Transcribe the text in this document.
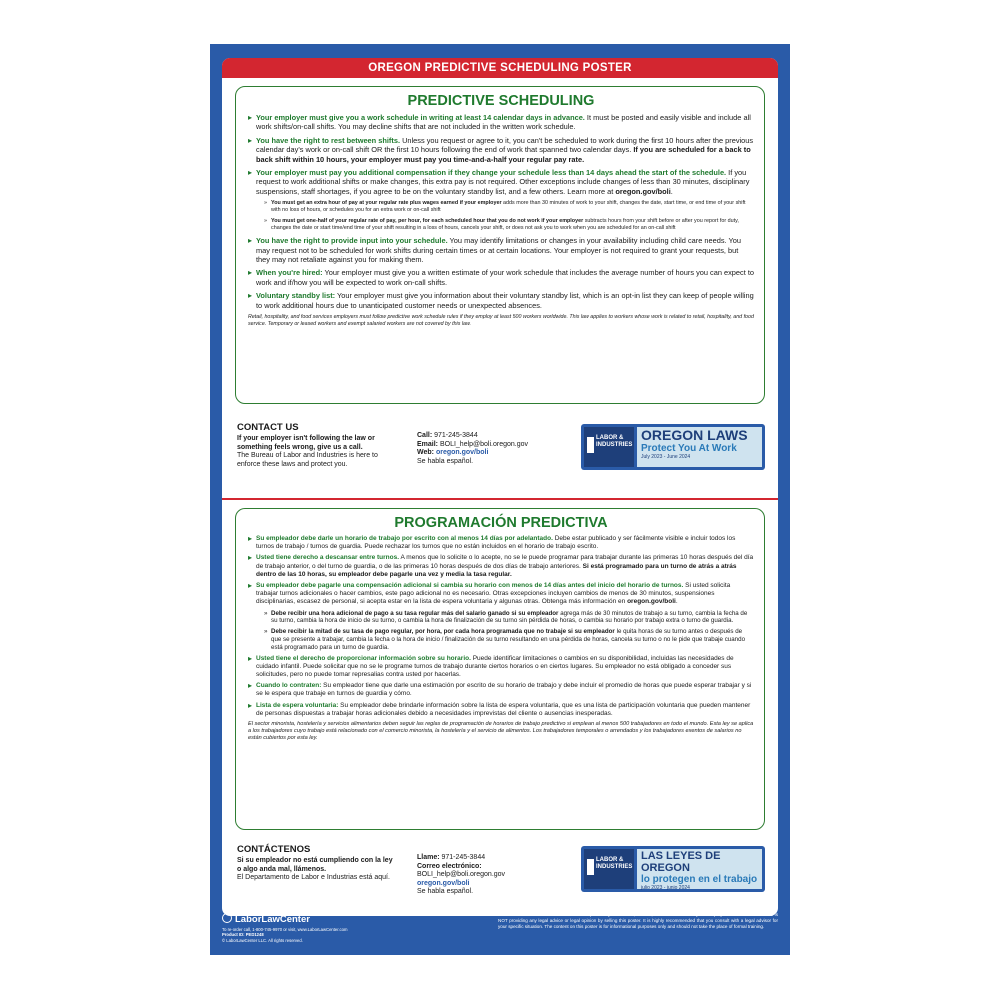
OREGON PREDICTIVE SCHEDULING POSTER
PREDICTIVE SCHEDULING
▸ Your employer must give you a work schedule in writing at least 14 calendar days in advance. It must be posted and easily visible and include all work shifts/on-call shifts. You may decline shifts that are not included in the written work schedule.
▸ You have the right to rest between shifts. Unless you request or agree to it, you can't be scheduled to work during the first 10 hours after the previous calendar day's work or on-call shift OR the first 10 hours following the end of work that spanned two calendar days. If you are scheduled for a back to back shift within 10 hours, your employer must pay you time-and-a-half your regular pay rate.
▸ Your employer must pay you additional compensation if they change your schedule less than 14 days ahead the start of the schedule. If you request to work additional shifts or make changes, this extra pay is not required. Other exceptions include changes of less than 30 minutes, disciplinary suspensions, staff shortages, if you agree to be on the voluntary standby list, and a few others. Learn more at oregon.gov/boli.
» You must get an extra hour of pay at your regular rate plus wages earned if your employer adds more than 30 minutes of work to your shift, changes the date, start time, or end time of your shift with no loss of hours, or schedules you for an extra work or on-call shift
» You must get one-half of your regular rate of pay, per hour, for each scheduled hour that you do not work if your employer subtracts hours from your shift before or after you report for duty, changes the date or start time/end time of your shift resulting in a loss of hours, cancels your shift, or does not ask you to work when you are scheduled for an on-call shift
▸ You have the right to provide input into your schedule. You may identify limitations or changes in your availability including child care needs. You may request not to be scheduled for work shifts during certain times or at certain locations. Your employer is not required to grant your requests, but they may not retaliate against you for making them.
▸ When you're hired: Your employer must give you a written estimate of your work schedule that includes the average number of hours you can expect to work and if/how you will be expected to work on-call shifts.
▸ Voluntary standby list: Your employer must give you information about their voluntary standby list, which is an opt-in list they can keep of people willing to work additional hours due to unanticipated customer needs or unexpected absences.
Retail, hospitality, and food services employers must follow predictive work schedule rules if they employ at least 500 workers worldwide. This law applies to workers whose work is related to retail, hospitality, and food service. Temporary or leased workers and exempt salaried workers are not covered by this law.
CONTACT US
If your employer isn't following the law or something feels wrong, give us a call.
The Bureau of Labor and Industries is here to enforce these laws and protect you.
Call: 971-245-3844
Email: BOLI_help@boli.oregon.gov
Web: oregon.gov/boli
Se habla español.
LABOR & INDUSTRIES
OREGON LAWS
Protect You At Work
July 2023 - June 2024
PROGRAMACIÓN PREDICTIVA
▸ Su empleador debe darle un horario de trabajo por escrito con al menos 14 días por adelantado. Debe estar publicado y ser fácilmente visible e incluir todos los turnos de trabajo / turnos de guardia. Puede rechazar los turnos que no están incluidos en el horario de trabajo escrito.
▸ Usted tiene derecho a descansar entre turnos. A menos que lo solicite o lo acepte, no se le puede programar para trabajar durante las primeras 10 horas después del día de trabajo anterior, o del turno de guardia, o de las primeras 10 horas después de dos días de trabajo anteriores. Si está programado para un turno de atrás a atrás dentro de las 10 horas, su empleador debe pagarle una vez y media la tasa regular.
▸ Su empleador debe pagarle una compensación adicional si cambia su horario con menos de 14 días antes del inicio del horario de turnos. Si usted solicita trabajar turnos adicionales o hacer cambios, este pago adicional no es necesario. Otras excepciones incluyen cambios de menos de 30 minutos, suspensiones disciplinarias, escasez de personal, si acepta estar en la lista de espera voluntaria y algunas otras. Obtenga más información en oregon.gov/boli.
» Debe recibir una hora adicional de pago a su tasa regular más del salario ganado si su empleador agrega más de 30 minutos de trabajo a su turno, cambia la fecha de su turno, cambia la hora de inicio de su turno, o cambia la hora de finalización de su turno sin pérdida de horas, o cambia su horario por trabajo extra o turno de guardia.
» Debe recibir la mitad de su tasa de pago regular, por hora, por cada hora programada que no trabaje si su empleador le quita horas de su turno antes o después de que se presente a trabajar, cambia la fecha o la hora de inicio / finalización de su turno resultando en una pérdida de horas, cancela su turno o no le pide que trabaje cuando está programado para un turno de guardia.
▸ Usted tiene el derecho de proporcionar información sobre su horario. Puede identificar limitaciones o cambios en su disponibilidad, incluidas las necesidades de cuidado infantil. Puede solicitar que no se le programe turnos de trabajo durante ciertos horarios o en ciertos lugares. Su empleador no está obligado a conceder sus solicitudes, pero no puede tomar represalias contra usted por hacerlas.
▸ Cuando lo contraten: Su empleador tiene que darle una estimación por escrito de su horario de trabajo y debe incluir el promedio de horas que puede esperar trabajar y si se le espera que trabaje en turnos de guardia y cómo.
▸ Lista de espera voluntaria: Su empleador debe brindarle información sobre la lista de espera voluntaria, que es una lista de participación voluntaria que pueden mantener de personas dispuestas a trabajar horas adicionales debido a necesidades imprevistas del cliente o ausencias inesperadas.
El sector minorista, hostelería y servicios alimentarios deben seguir las reglas de programación de horarios de trabajo predictivo si emplean al menos 500 trabajadores en todo el mundo. Esta ley se aplica a los trabajadores cuyo trabajo está relacionado con el comercio minorista, la hostelería y el servicio de alimentos. Los trabajadores temporales o arrendados y los trabajadores exentos de salarios no están cubiertos por esta ley.
CONTÁCTENOS
Si su empleador no está cumpliendo con la ley o algo anda mal, llámenos.
El Departamento de Labor e Industrias está aquí.
Llame: 971-245-3844
Correo electrónico:
BOLI_help@boli.oregon.gov
oregon.gov/boli
Se habla español.
LABOR & INDUSTRIES
LAS LEYES DE OREGON
lo protegen en el trabajo
julio 2023 - junio 2024
LaborLawCenter
To re-order call, 1-800-745-9970 or visit, www.LaborLawCenter.com
Product ID: PED1248
© LaborLawCenter LLC. All rights reserved.
LaborLawCenter LLC does NOT assume responsibility for the use, actions, or decisions made by the employer. LaborLawCenter LLC is NOT providing any legal advice or legal opinion by selling this poster. It is highly recommended that you consult with a legal advisor for your specific situation. The content on this poster is for informational purposes only and should not take the place of formal training.
